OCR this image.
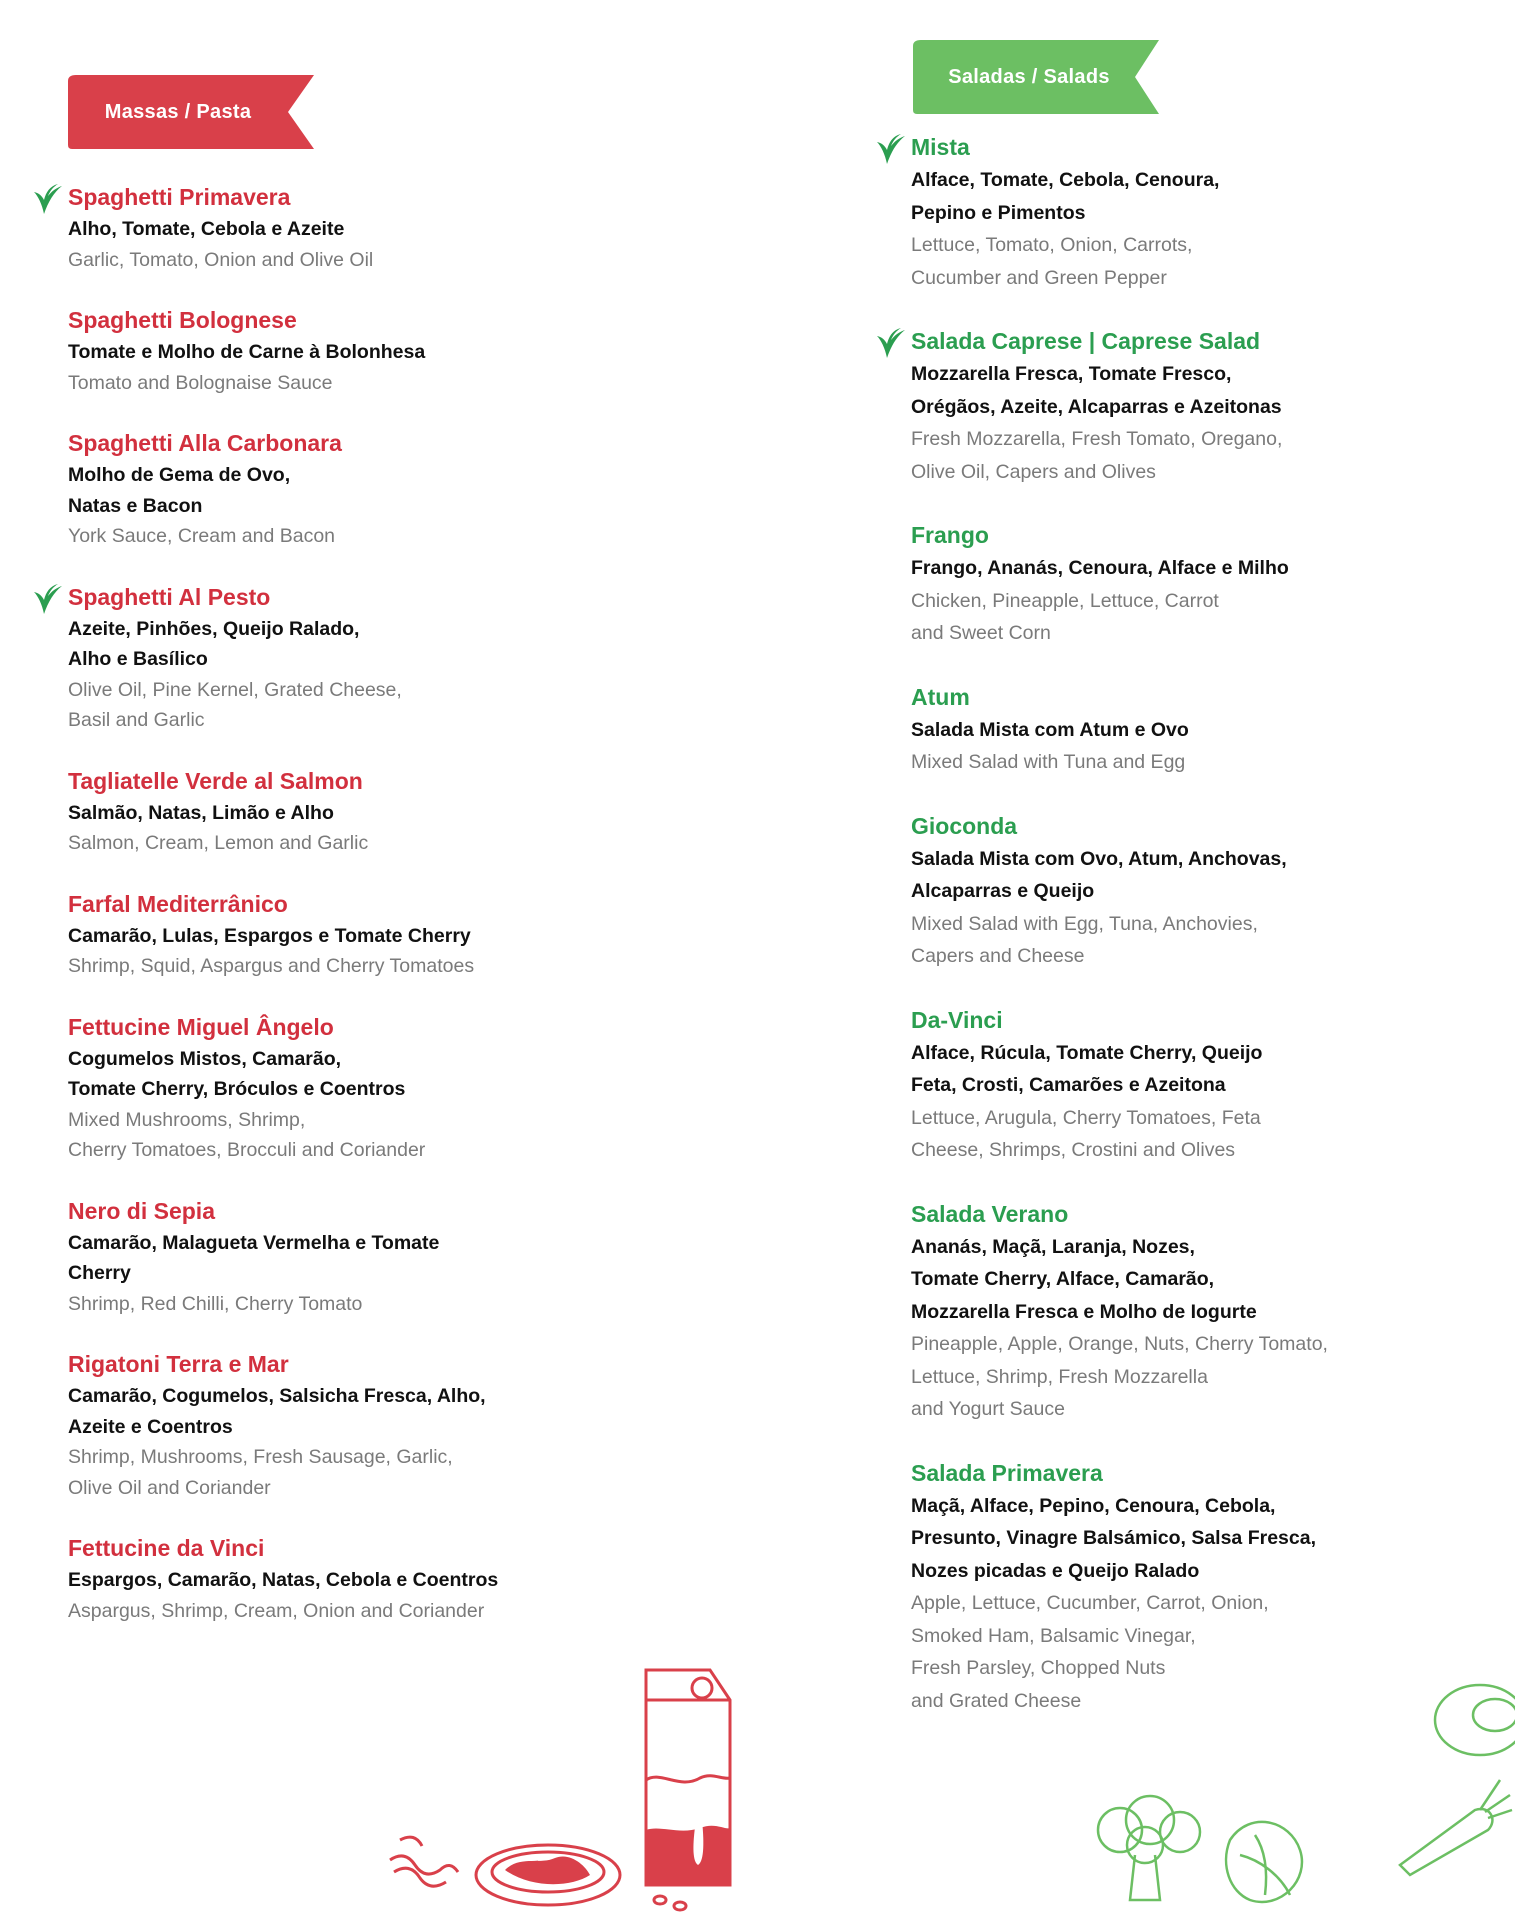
Massas / Pasta
Saladas / Salads
Spaghetti Primavera
Alho, Tomate, Cebola e Azeite
Garlic, Tomato, Onion and Olive Oil
Spaghetti Bolognese
Tomate e Molho de Carne à Bolonhesa
Tomato and Bolognaise Sauce
Spaghetti Alla Carbonara
Molho de Gema de Ovo,
Natas e Bacon
York Sauce, Cream and Bacon
Spaghetti Al Pesto
Azeite, Pinhões, Queijo Ralado,
Alho e Basílico
Olive Oil, Pine Kernel, Grated Cheese,
Basil and Garlic
Tagliatelle Verde al Salmon
Salmão, Natas, Limão e Alho
Salmon, Cream, Lemon and Garlic
Farfal Mediterrânico
Camarão, Lulas, Espargos e Tomate Cherry
Shrimp, Squid, Aspargus and Cherry Tomatoes
Fettucine Miguel Ângelo
Cogumelos Mistos, Camarão,
Tomate Cherry, Bróculos e Coentros
Mixed Mushrooms, Shrimp,
Cherry Tomatoes, Brocculi and Coriander
Nero di Sepia
Camarão, Malagueta Vermelha e Tomate
Cherry
Shrimp, Red Chilli, Cherry Tomato
Rigatoni Terra e Mar
Camarão, Cogumelos, Salsicha Fresca, Alho,
Azeite e Coentros
Shrimp, Mushrooms, Fresh Sausage, Garlic,
Olive Oil and Coriander
Fettucine da Vinci
Espargos, Camarão, Natas, Cebola e Coentros
Aspargus, Shrimp, Cream, Onion and Coriander
Mista
Alface, Tomate, Cebola, Cenoura,
Pepino e Pimentos
Lettuce, Tomato, Onion, Carrots,
Cucumber and Green Pepper
Salada Caprese | Caprese Salad
Mozzarella Fresca, Tomate Fresco,
Orégãos, Azeite, Alcaparras e Azeitonas
Fresh Mozzarella, Fresh Tomato, Oregano,
Olive Oil, Capers and Olives
Frango
Frango, Ananás, Cenoura, Alface e Milho
Chicken, Pineapple, Lettuce, Carrot
and Sweet Corn
Atum
Salada Mista com Atum e Ovo
Mixed Salad with Tuna and Egg
Gioconda
Salada Mista com Ovo, Atum, Anchovas,
Alcaparras e Queijo
Mixed Salad with Egg, Tuna, Anchovies,
Capers and Cheese
Da-Vinci
Alface, Rúcula, Tomate Cherry, Queijo
Feta, Crosti, Camarões e Azeitona
Lettuce, Arugula, Cherry Tomatoes, Feta
Cheese, Shrimps, Crostini and Olives
Salada Verano
Ananás, Maçã, Laranja, Nozes,
Tomate Cherry, Alface, Camarão,
Mozzarella Fresca e Molho de Iogurte
Pineapple, Apple, Orange, Nuts, Cherry Tomato,
Lettuce, Shrimp, Fresh Mozzarella
and Yogurt Sauce
Salada Primavera
Maçã, Alface, Pepino, Cenoura, Cebola,
Presunto, Vinagre Balsámico, Salsa Fresca,
Nozes picadas e Queijo Ralado
Apple, Lettuce, Cucumber, Carrot, Onion,
Smoked Ham, Balsamic Vinegar,
Fresh Parsley, Chopped Nuts
and Grated Cheese
